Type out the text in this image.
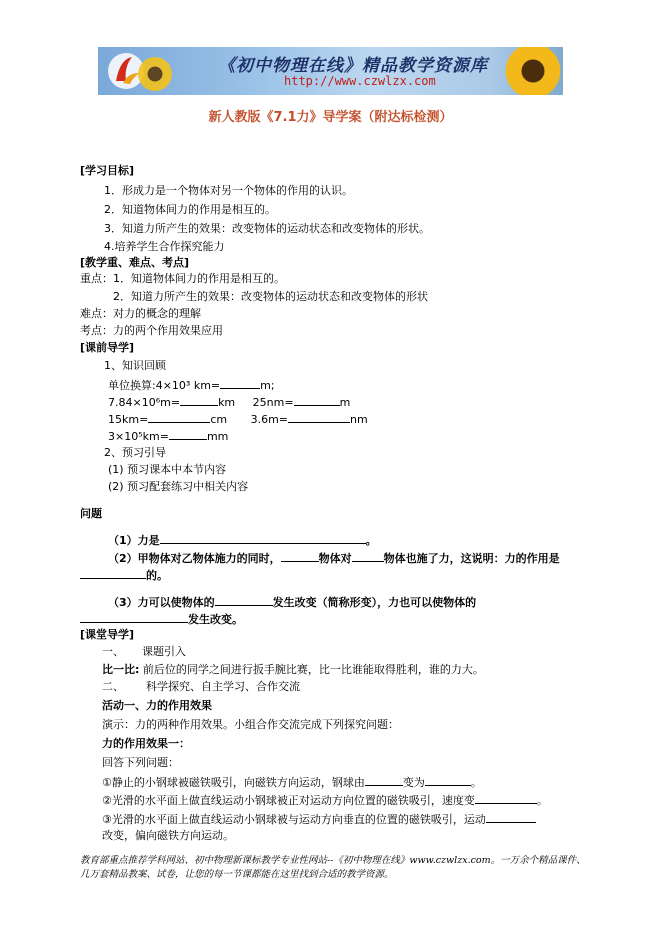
《初中物理在线》精品教学资源库
http://www.czwlzx.com
新人教版《7.1力》导学案（附达标检测）
[学习目标]
1．形成力是一个物体对另一个物体的作用的认识。
2．知道物体间力的作用是相互的。
3．知道力所产生的效果：改变物体的运动状态和改变物体的形状。
4.培养学生合作探究能力
[教学重、难点、考点]
重点：1．知道物体间力的作用是相互的。
2．知道力所产生的效果：改变物体的运动状态和改变物体的形状
难点：对力的概念的理解
考点：力的两个作用效果应用
[课前导学]
1、知识回顾
单位换算:4×10³ km=	m;
7.84×10⁶m=	km 25nm=	m
15km=	cm 3.6m=	nm
3×10⁵km=	mm
2、预习引导
(1) 预习课本中本节内容
(2) 预习配套练习中相关内容
问题
（1）力是	。
（2）甲物体对乙物体施力的同时，	物体对	物体也施了力，这说明：力的作用是
的。
（3）力可以使物体的	发生改变（简称形变），力也可以使物体的
发生改变。
[课堂导学]
一、 课题引入
比一比: 前后位的同学之间进行扳手腕比赛，比一比谁能取得胜利，谁的力大。
二、 科学探究、自主学习、合作交流
活动一、力的作用效果
演示：力的两种作用效果。小组合作交流完成下列探究问题：
力的作用效果一：
回答下列问题：
①静止的小钢球被磁铁吸引，向磁铁方向运动，钢球由	变为	。
②光滑的水平面上做直线运动小钢球被正对运动方向位置的磁铁吸引，速度变	。
③光滑的水平面上做直线运动小钢球被与运动方向垂直的位置的磁铁吸引，运动
改变，偏向磁铁方向运动。
教育部重点推荐学科网站、初中物理新课标教学专业性网站--《初中物理在线》www.czwlzx.com。一万余个精品课件、
几万套精品教案、试卷，让您的每一节课都能在这里找到合适的教学资源。
